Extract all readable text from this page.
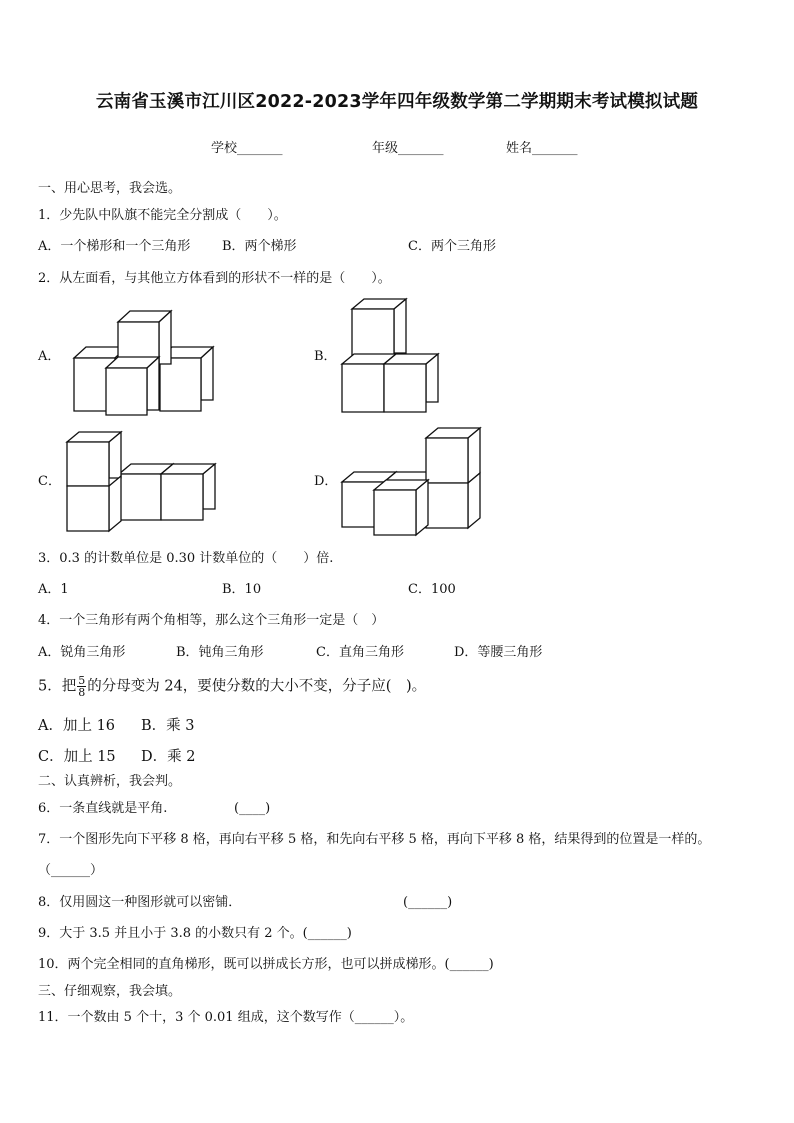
云南省玉溪市江川区2022-2023学年四年级数学第二学期期末考试模拟试题
学校_______	年级_______	姓名_______
一、用心思考，我会选。
1．少先队中队旗不能完全分割成（　　）。
A．一个梯形和一个三角形 B．两个梯形	C．两个三角形
2．从左面看，与其他立方体看到的形状不一样的是（　　）。
A．	B．
C．	D．
3．0.3 的计数单位是 0.30 计数单位的（　　）倍.
A．1	B．10	C．100
4．一个三角形有两个角相等，那么这个三角形一定是（　）
A．锐角三角形	B．钝角三角形	C．直角三角形	D．等腰三角形
5．把 $\frac{5}{8}$ 的分母变为 24，要使分数的大小不变，分子应(　)。
A．加上 16 B．乘 3
C．加上 15 D．乘 2
二、认真辨析，我会判。
6．一条直线就是平角.	(____)
7．一个图形先向下平移 8 格，再向右平移 5 格，和先向右平移 5 格，再向下平移 8 格，结果得到的位置是一样的。
（______）
8．仅用圆这一种图形就可以密铺．	(______)
9．大于 3.5 并且小于 3.8 的小数只有 2 个。(______)
10．两个完全相同的直角梯形，既可以拼成长方形，也可以拼成梯形。(______)
三、仔细观察，我会填。
11．一个数由 5 个十，3 个 0.01 组成，这个数写作（______）。
